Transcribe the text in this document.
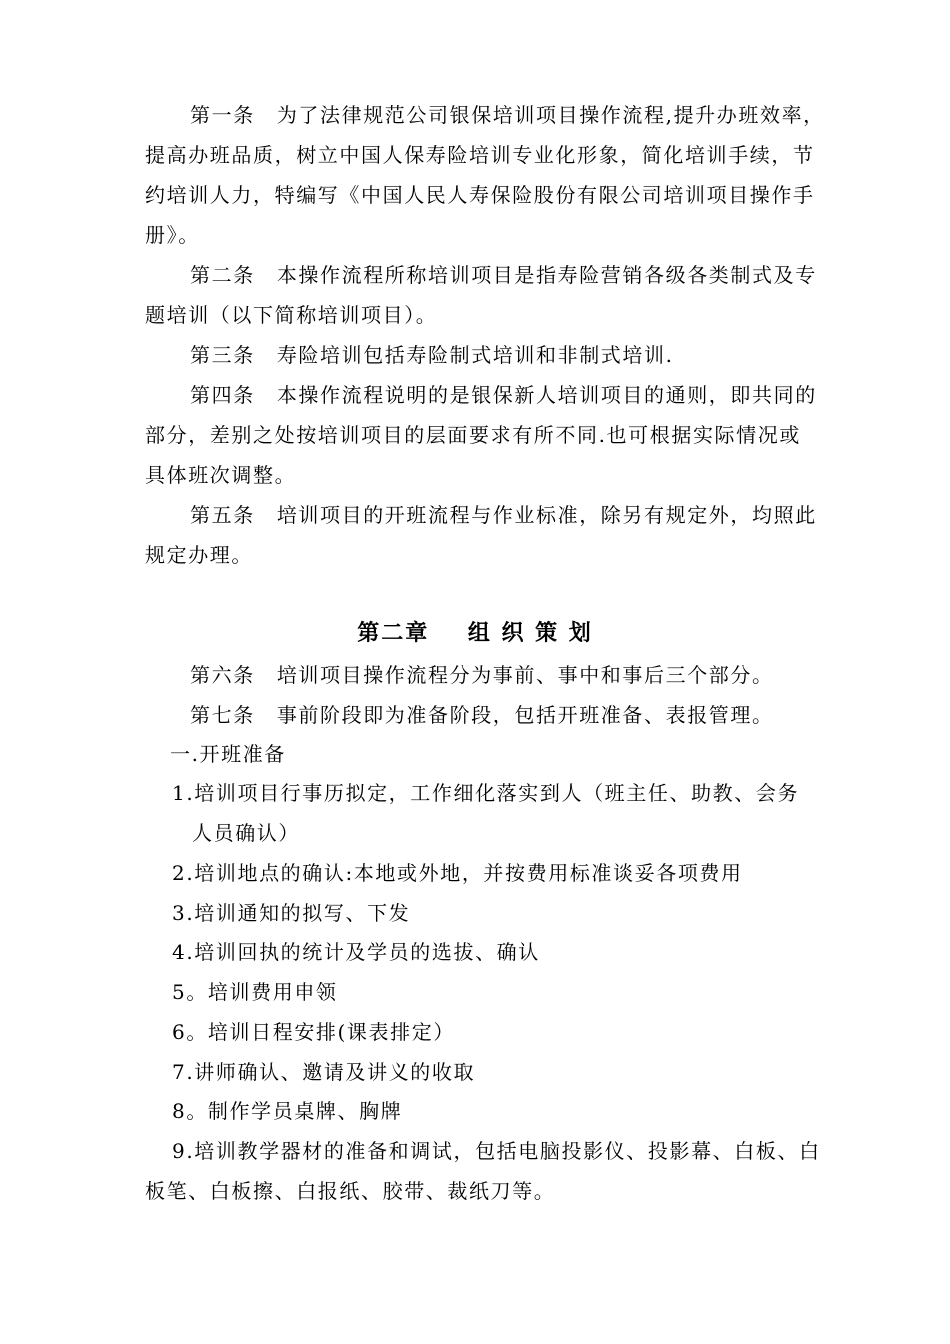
第一条 为了法律规范公司银保培训项目操作流程,提升办班效率，
提高办班品质，树立中国人保寿险培训专业化形象，简化培训手续，节
约培训人力，特编写《中国人民人寿保险股份有限公司培训项目操作手
册》。
第二条 本操作流程所称培训项目是指寿险营销各级各类制式及专
题培训（以下简称培训项目）。
第三条 寿险培训包括寿险制式培训和非制式培训.
第四条 本操作流程说明的是银保新人培训项目的通则，即共同的
部分，差别之处按培训项目的层面要求有所不同.也可根据实际情况或
具体班次调整。
第五条 培训项目的开班流程与作业标准，除另有规定外，均照此
规定办理。
第二章    组 织 策 划
第六条 培训项目操作流程分为事前、事中和事后三个部分。
第七条 事前阶段即为准备阶段，包括开班准备、表报管理。
一.开班准备
1.培训项目行事历拟定，工作细化落实到人（班主任、助教、会务
人员确认）
2.培训地点的确认:本地或外地，并按费用标准谈妥各项费用
3.培训通知的拟写、下发
4.培训回执的统计及学员的选拔、确认
5。培训费用申领
6。培训日程安排(课表排定）
7.讲师确认、邀请及讲义的收取
8。制作学员桌牌、胸牌
9.培训教学器材的准备和调试，包括电脑投影仪、投影幕、白板、白
板笔、白板擦、白报纸、胶带、裁纸刀等。
